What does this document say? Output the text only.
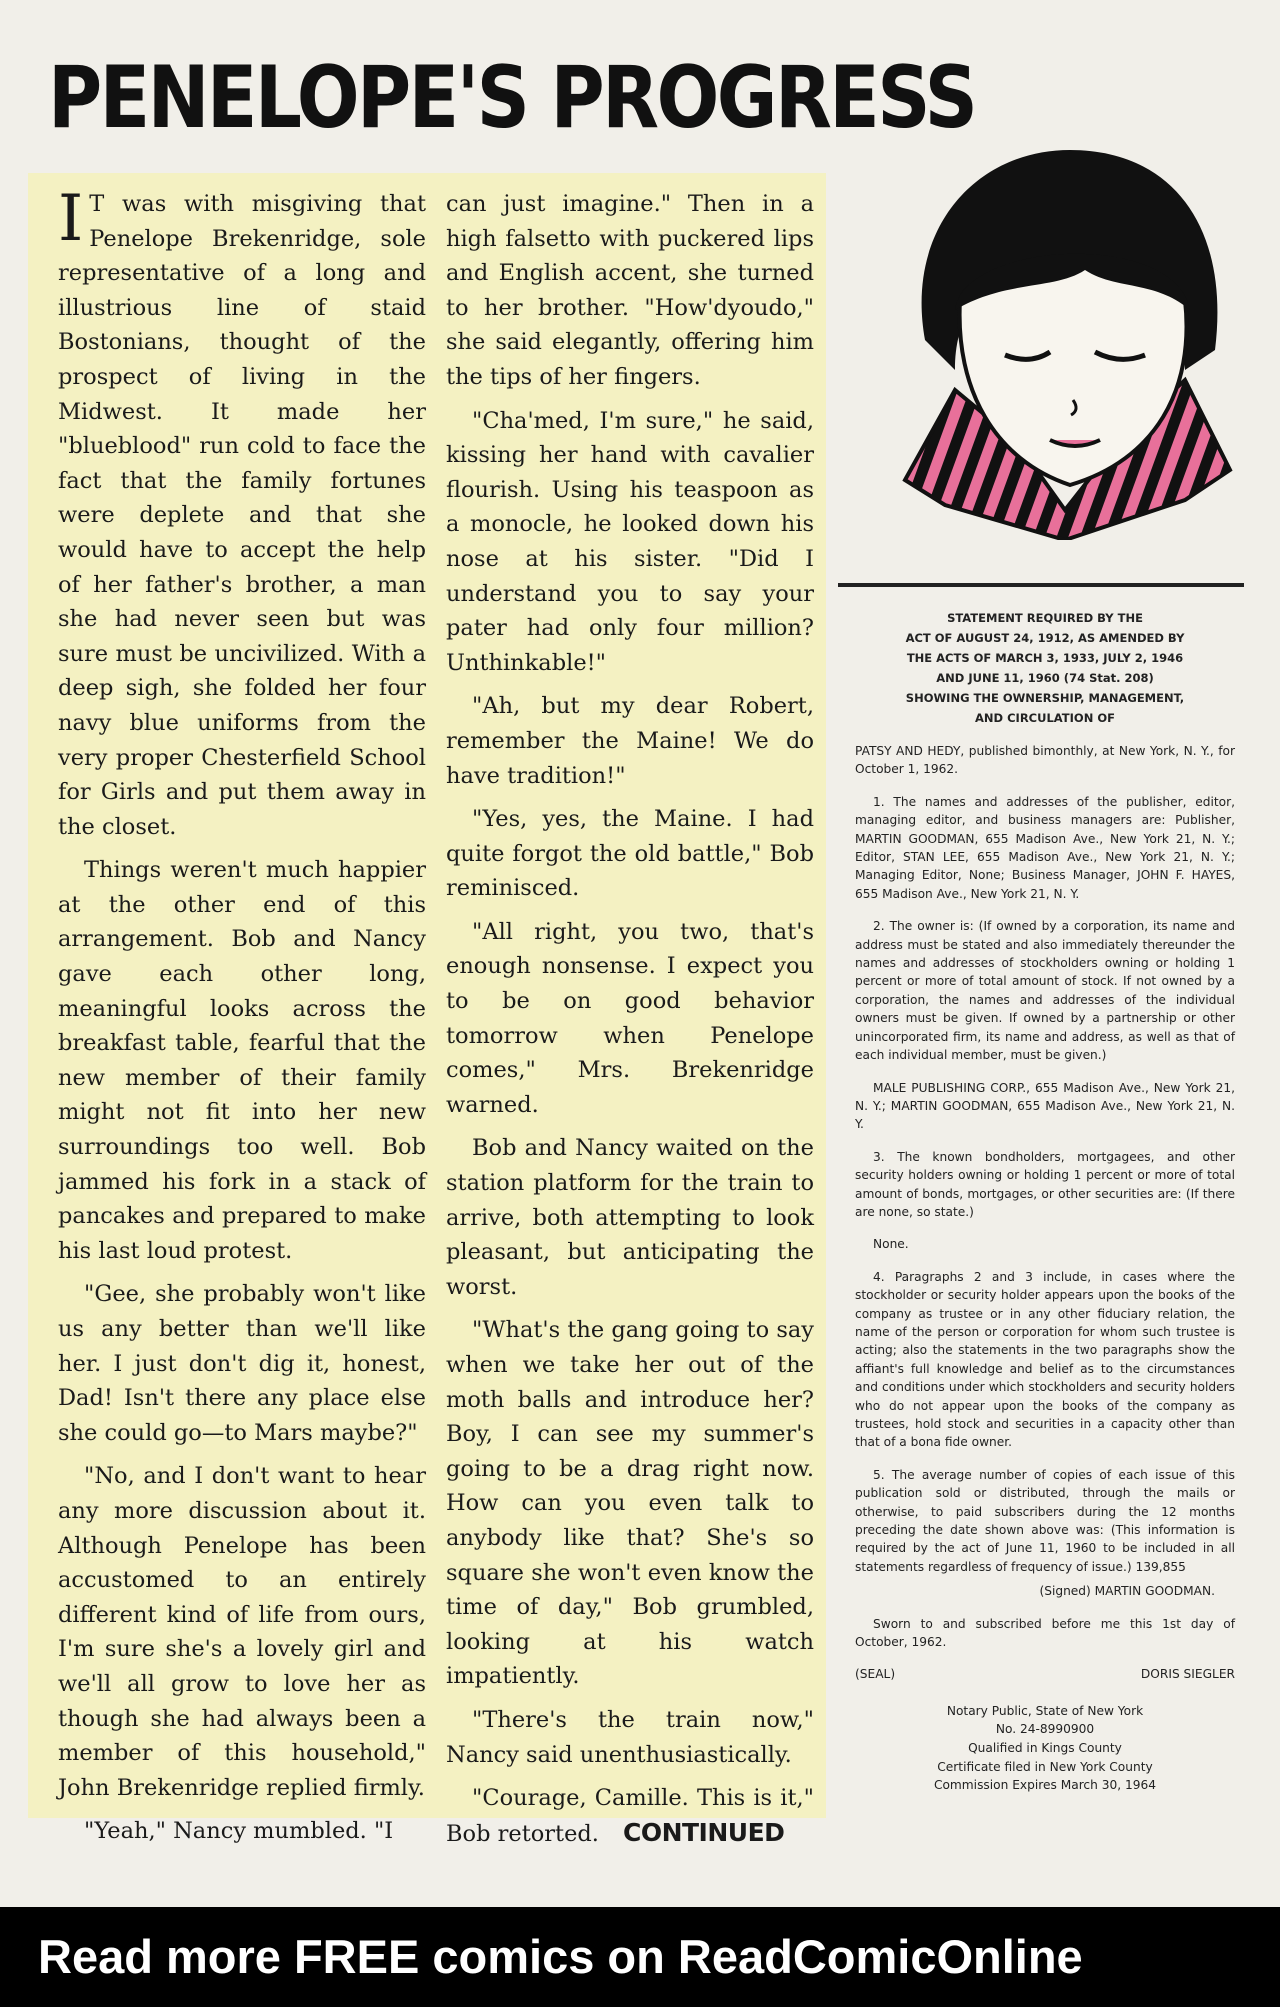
PENELOPE'S PROGRESS

I T was with misgiving that Penelope Brekenridge, sole representative of a long and illustrious line of staid Bostonians, thought of the prospect of living in the Midwest. It made her "blueblood" run cold to face the fact that the family fortunes were deplete and that she would have to accept the help of her father's brother, a man she had never seen but was sure must be uncivilized. With a deep sigh, she folded her four navy blue uniforms from the very proper Chesterfield School for Girls and put them away in the closet.

Things weren't much happier at the other end of this arrangement. Bob and Nancy gave each other long, meaningful looks across the breakfast table, fearful that the new member of their family might not fit into her new surroundings too well. Bob jammed his fork in a stack of pancakes and prepared to make his last loud protest.

"Gee, she probably won't like us any better than we'll like her. I just don't dig it, honest, Dad! Isn't there any place else she could go—to Mars maybe?"

"No, and I don't want to hear any more discussion about it. Although Penelope has been accustomed to an entirely different kind of life from ours, I'm sure she's a lovely girl and we'll all grow to love her as though she had always been a member of this household," John Brekenridge replied firmly.

"Yeah," Nancy mumbled. "I

can just imagine." Then in a high falsetto with puckered lips and English accent, she turned to her brother. "How'dyoudo," she said elegantly, offering him the tips of her fingers.

"Cha'med, I'm sure," he said, kissing her hand with cavalier flourish. Using his teaspoon as a monocle, he looked down his nose at his sister. "Did I understand you to say your pater had only four million? Unthinkable!"

"Ah, but my dear Robert, remember the Maine! We do have tradition!"

"Yes, yes, the Maine. I had quite forgot the old battle," Bob reminisced.

"All right, you two, that's enough nonsense. I expect you to be on good behavior tomorrow when Penelope comes," Mrs. Brekenridge warned.

Bob and Nancy waited on the station platform for the train to arrive, both attempting to look pleasant, but anticipating the worst.

"What's the gang going to say when we take her out of the moth balls and introduce her? Boy, I can see my summer's going to be a drag right now. How can you even talk to anybody like that? She's so square she won't even know the time of day," Bob grumbled, looking at his watch impatiently.

"There's the train now," Nancy said unenthusiastically.

"Courage, Camille. This is it," Bob retorted. CONTINUED

STATEMENT REQUIRED BY THE
ACT OF AUGUST 24, 1912, AS AMENDED BY
THE ACTS OF MARCH 3, 1933, JULY 2, 1946
AND JUNE 11, 1960 (74 Stat. 208)
SHOWING THE OWNERSHIP, MANAGEMENT,
AND CIRCULATION OF

PATSY AND HEDY, published bimonthly, at New York, N. Y., for October 1, 1962.

1. The names and addresses of the publisher, editor, managing editor, and business managers are: Publisher, MARTIN GOODMAN, 655 Madison Ave., New York 21, N. Y.; Editor, STAN LEE, 655 Madison Ave., New York 21, N. Y.; Managing Editor, None; Business Manager, JOHN F. HAYES, 655 Madison Ave., New York 21, N. Y.

2. The owner is: (If owned by a corporation, its name and address must be stated and also immediately thereunder the names and addresses of stockholders owning or holding 1 percent or more of total amount of stock. If not owned by a corporation, the names and addresses of the individual owners must be given. If owned by a partnership or other unincorporated firm, its name and address, as well as that of each individual member, must be given.)

MALE PUBLISHING CORP., 655 Madison Ave., New York 21, N. Y.; MARTIN GOODMAN, 655 Madison Ave., New York 21, N. Y.

3. The known bondholders, mortgagees, and other security holders owning or holding 1 percent or more of total amount of bonds, mortgages, or other securities are: (If there are none, so state.)

None.

4. Paragraphs 2 and 3 include, in cases where the stockholder or security holder appears upon the books of the company as trustee or in any other fiduciary relation, the name of the person or corporation for whom such trustee is acting; also the statements in the two paragraphs show the affiant's full knowledge and belief as to the circumstances and conditions under which stockholders and security holders who do not appear upon the books of the company as trustees, hold stock and securities in a capacity other than that of a bona fide owner.

5. The average number of copies of each issue of this publication sold or distributed, through the mails or otherwise, to paid subscribers during the 12 months preceding the date shown above was: (This information is required by the act of June 11, 1960 to be included in all statements regardless of frequency of issue.) 139,855

(Signed) MARTIN GOODMAN.

Sworn to and subscribed before me this 1st day of October, 1962.

(SEAL)	DORIS SIEGLER
Notary Public, State of New York
No. 24-8990900
Qualified in Kings County
Certificate filed in New York County
Commission Expires March 30, 1964
Read more FREE comics on ReadComicOnline
